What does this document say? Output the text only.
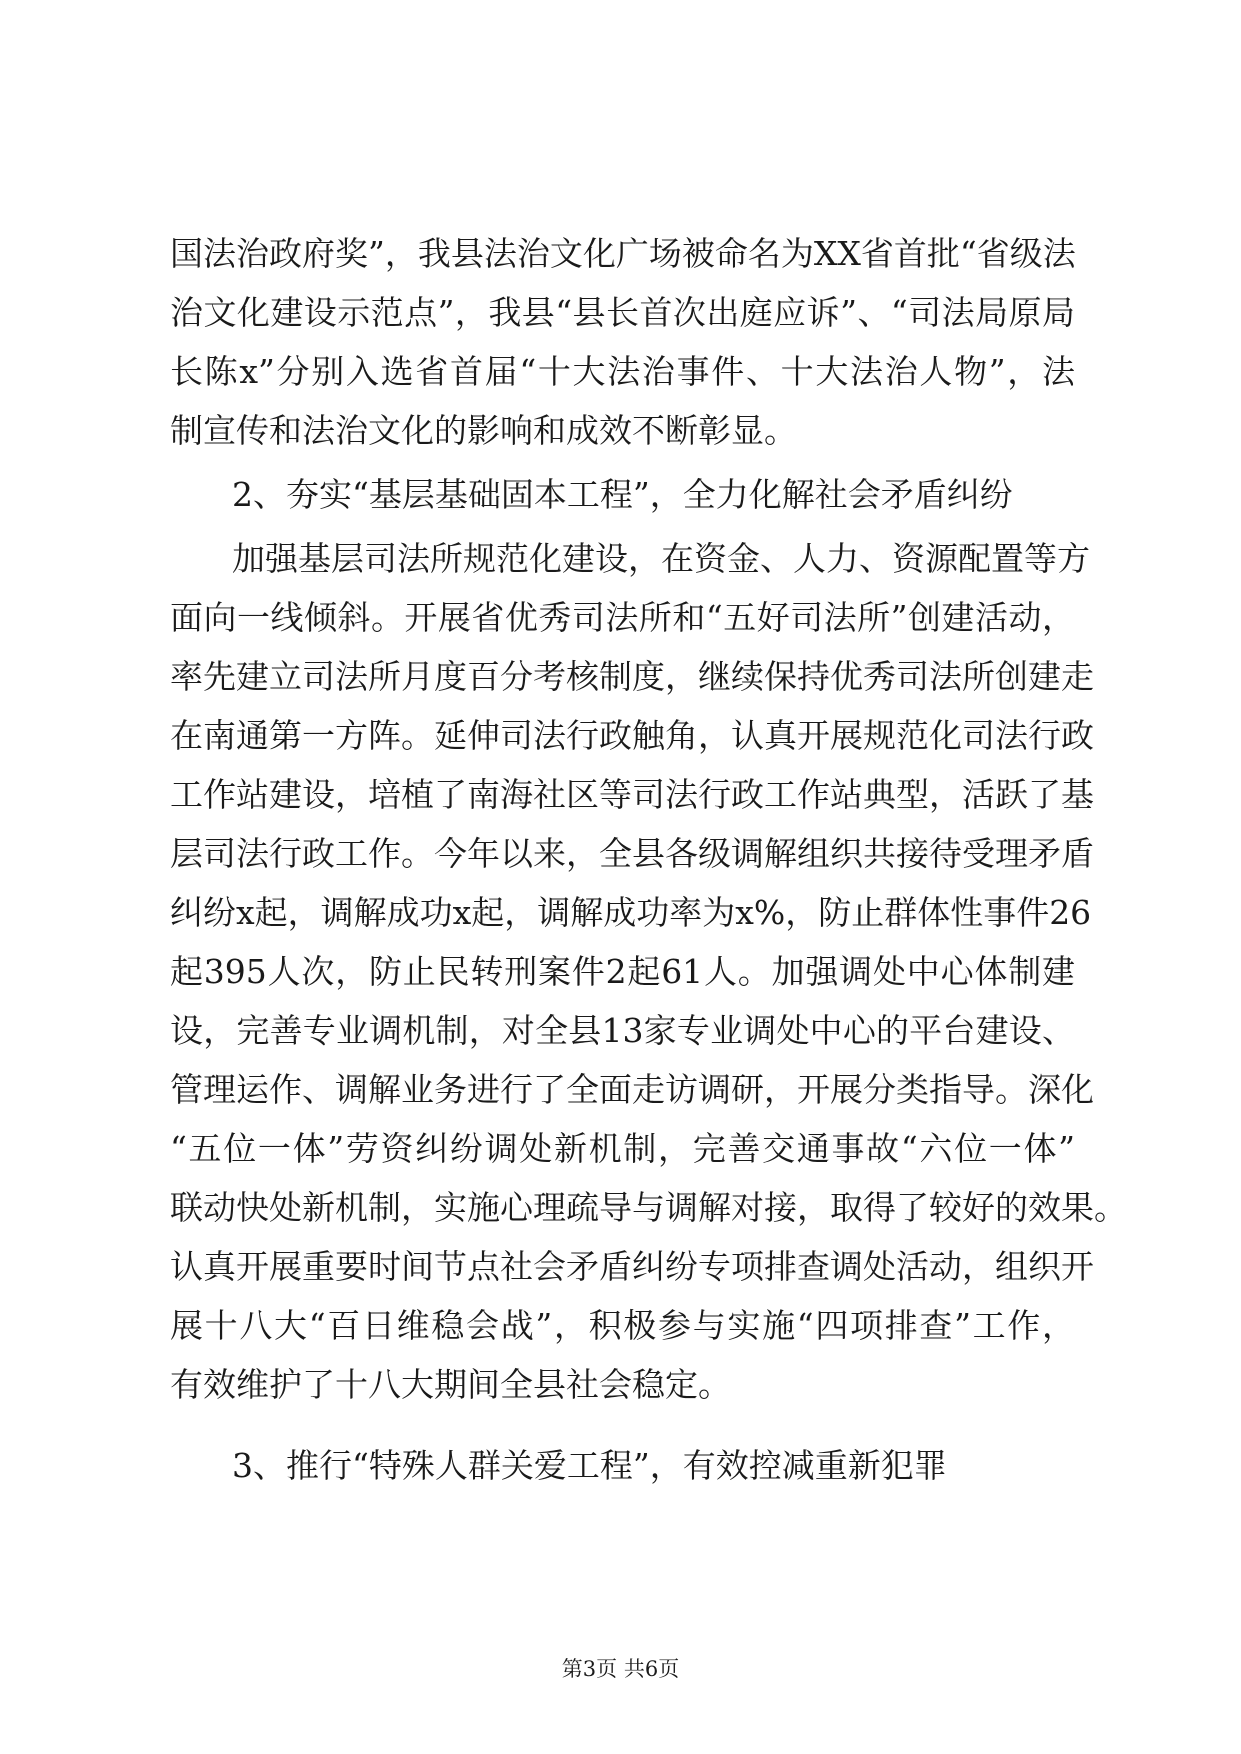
国法治政府奖”，我县法治文化广场被命名为XX省首批“省级法
治文化建设示范点”，我县“县长首次出庭应诉”、“司法局原局
长陈x”分别入选省首届“十大法治事件、十大法治人物”，法
制宣传和法治文化的影响和成效不断彰显。
2、夯实“基层基础固本工程”，全力化解社会矛盾纠纷
加强基层司法所规范化建设，在资金、人力、资源配置等方
面向一线倾斜。开展省优秀司法所和“五好司法所”创建活动，
率先建立司法所月度百分考核制度，继续保持优秀司法所创建走
在南通第一方阵。延伸司法行政触角，认真开展规范化司法行政
工作站建设，培植了南海社区等司法行政工作站典型，活跃了基
层司法行政工作。今年以来，全县各级调解组织共接待受理矛盾
纠纷x起，调解成功x起，调解成功率为x%，防止群体性事件26
起395人次，防止民转刑案件2起61人。加强调处中心体制建
设，完善专业调机制，对全县13家专业调处中心的平台建设、
管理运作、调解业务进行了全面走访调研，开展分类指导。深化
“五位一体”劳资纠纷调处新机制，完善交通事故“六位一体”
联动快处新机制，实施心理疏导与调解对接，取得了较好的效果。
认真开展重要时间节点社会矛盾纠纷专项排查调处活动，组织开
展十八大“百日维稳会战”，积极参与实施“四项排查”工作，
有效维护了十八大期间全县社会稳定。
3、推行“特殊人群关爱工程”，有效控减重新犯罪
第3页 共6页
